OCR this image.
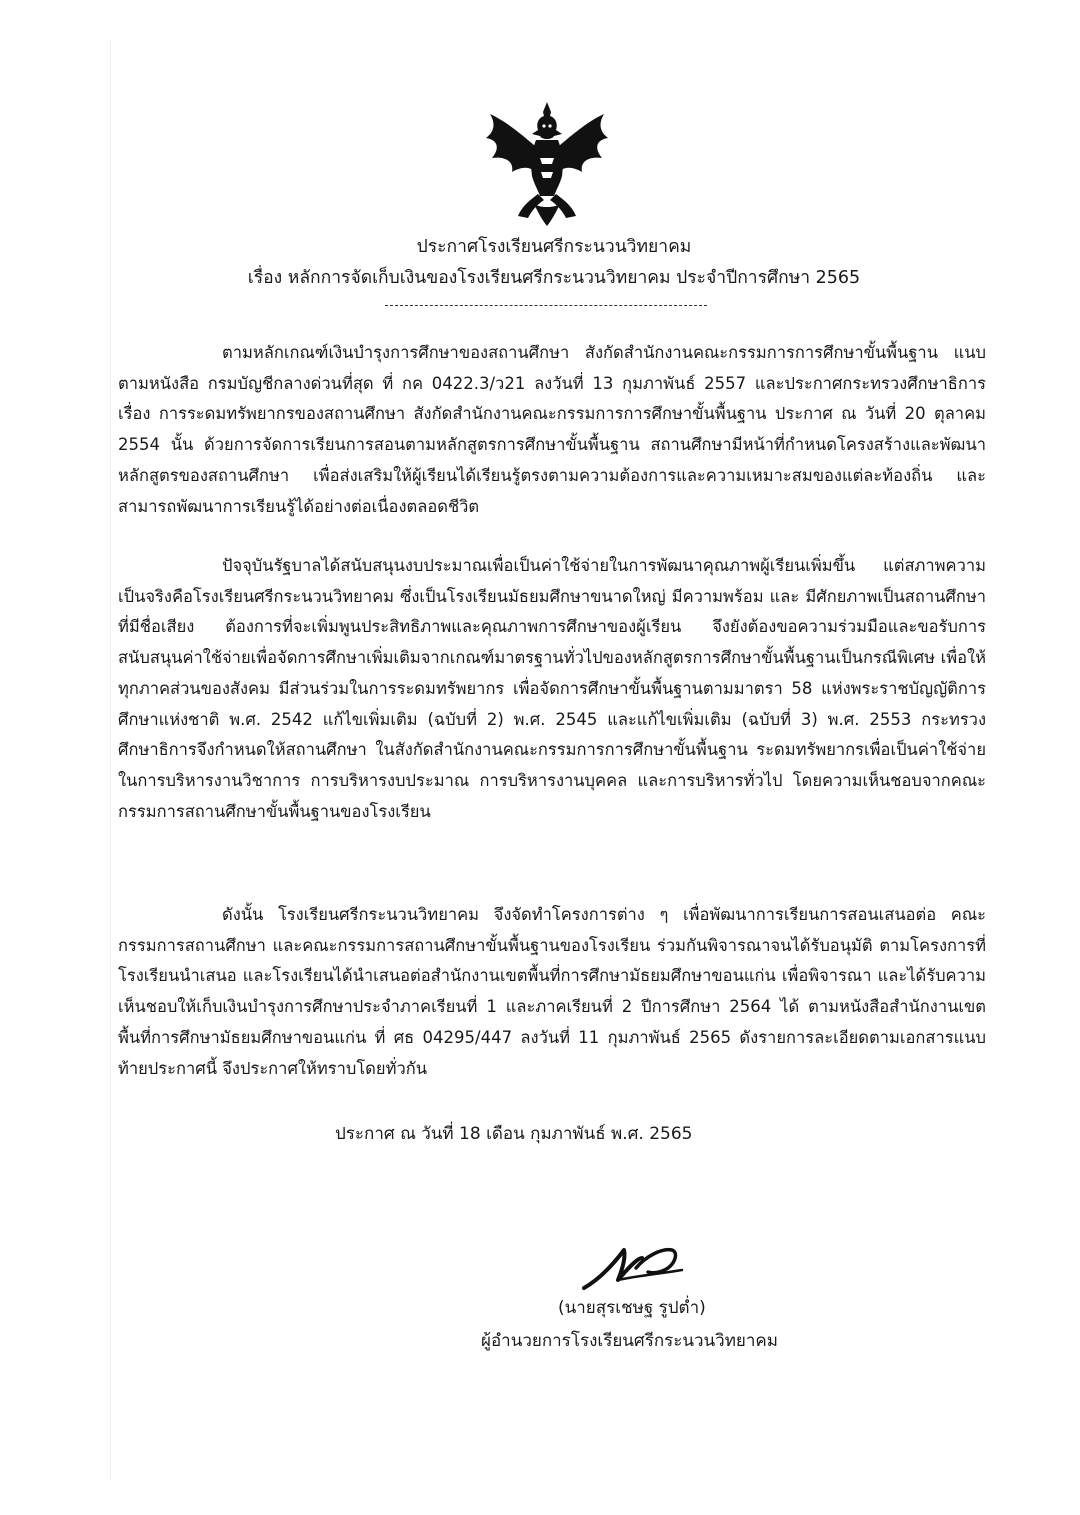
ประกาศโรงเรียนศรีกระนวนวิทยาคม
เรื่อง หลักการจัดเก็บเงินของโรงเรียนศรีกระนวนวิทยาคม ประจำปีการศึกษา 2565

ตามหลักเกณฑ์เงินบำรุงการศึกษาของสถานศึกษา สังกัดสำนักงานคณะกรรมการการศึกษาขั้นพื้นฐาน แนบตามหนังสือ กรมบัญชีกลางด่วนที่สุด ที่ กค 0422.3/ว21 ลงวันที่ 13 กุมภาพันธ์ 2557 และประกาศกระทรวงศึกษาธิการ เรื่อง การระดมทรัพยากรของสถานศึกษา สังกัดสำนักงานคณะกรรมการการศึกษาขั้นพื้นฐาน ประกาศ ณ วันที่ 20 ตุลาคม 2554 นั้น ด้วยการจัดการเรียนการสอนตามหลักสูตรการศึกษาขั้นพื้นฐาน สถานศึกษามีหน้าที่กำหนดโครงสร้างและพัฒนาหลักสูตรของสถานศึกษา เพื่อส่งเสริมให้ผู้เรียนได้เรียนรู้ตรงตามความต้องการและความเหมาะสมของแต่ละท้องถิ่น และสามารถพัฒนาการเรียนรู้ได้อย่างต่อเนื่องตลอดชีวิต

ปัจจุบันรัฐบาลได้สนับสนุนงบประมาณเพื่อเป็นค่าใช้จ่ายในการพัฒนาคุณภาพผู้เรียนเพิ่มขึ้น แต่สภาพความเป็นจริงคือโรงเรียนศรีกระนวนวิทยาคม ซึ่งเป็นโรงเรียนมัธยมศึกษาขนาดใหญ่ มีความพร้อม และ มีศักยภาพเป็นสถานศึกษาที่มีชื่อเสียง ต้องการที่จะเพิ่มพูนประสิทธิภาพและคุณภาพการศึกษาของผู้เรียน จึงยังต้องขอความร่วมมือและขอรับการสนับสนุนค่าใช้จ่ายเพื่อจัดการศึกษาเพิ่มเติมจากเกณฑ์มาตรฐานทั่วไปของหลักสูตรการศึกษาขั้นพื้นฐานเป็นกรณีพิเศษ เพื่อให้ทุกภาคส่วนของสังคม มีส่วนร่วมในการระดมทรัพยากร เพื่อจัดการศึกษาขั้นพื้นฐานตามมาตรา 58 แห่งพระราชบัญญัติการศึกษาแห่งชาติ พ.ศ. 2542 แก้ไขเพิ่มเติม (ฉบับที่ 2) พ.ศ. 2545 และแก้ไขเพิ่มเติม (ฉบับที่ 3) พ.ศ. 2553 กระทรวงศึกษาธิการจึงกำหนดให้สถานศึกษา ในสังกัดสำนักงานคณะกรรมการการศึกษาขั้นพื้นฐาน ระดมทรัพยากรเพื่อเป็นค่าใช้จ่ายในการบริหารงานวิชาการ การบริหารงบประมาณ การบริหารงานบุคคล และการบริหารทั่วไป โดยความเห็นชอบจากคณะกรรมการสถานศึกษาขั้นพื้นฐานของโรงเรียน

ดังนั้น โรงเรียนศรีกระนวนวิทยาคม จึงจัดทำโครงการต่าง ๆ เพื่อพัฒนาการเรียนการสอนเสนอต่อ คณะกรรมการสถานศึกษา และคณะกรรมการสถานศึกษาขั้นพื้นฐานของโรงเรียน ร่วมกันพิจารณาจนได้รับอนุมัติ ตามโครงการที่โรงเรียนนำเสนอ และโรงเรียนได้นำเสนอต่อสำนักงานเขตพื้นที่การศึกษามัธยมศึกษาขอนแก่น เพื่อพิจารณา และได้รับความเห็นชอบให้เก็บเงินบำรุงการศึกษาประจำภาคเรียนที่ 1 และภาคเรียนที่ 2 ปีการศึกษา 2564 ได้ ตามหนังสือสำนักงานเขตพื้นที่การศึกษามัธยมศึกษาขอนแก่น ที่ ศธ 04295/447 ลงวันที่ 11 กุมภาพันธ์ 2565 ดังรายการละเอียดตามเอกสารแนบท้ายประกาศนี้ จึงประกาศให้ทราบโดยทั่วกัน

ประกาศ ณ วันที่ 18 เดือน กุมภาพันธ์ พ.ศ. 2565
(นายสุรเชษฐ รูปต่ำ)
ผู้อำนวยการโรงเรียนศรีกระนวนวิทยาคม
